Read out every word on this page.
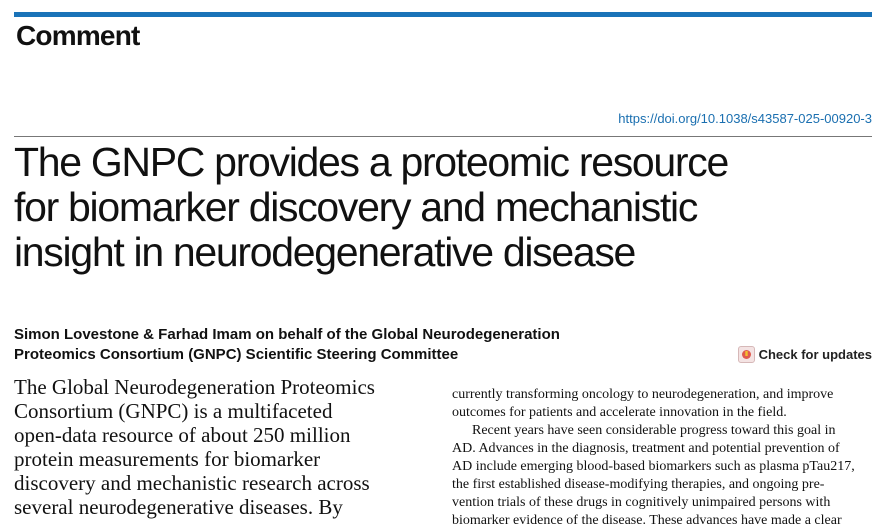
Comment
https://doi.org/10.1038/s43587-025-00920-3
The GNPC provides a proteomic resource
for biomarker discovery and mechanistic
insight in neurodegenerative disease
Simon Lovestone & Farhad Imam on behalf of the Global Neurodegeneration
Proteomics Consortium (GNPC) Scientific Steering Committee	Check for updates
The Global Neurodegeneration Proteomics
Consortium (GNPC) is a multifaceted
open-data resource of about 250 million
protein measurements for biomarker
discovery and mechanistic research across
several neurodegenerative diseases. By
currently transforming oncology to neurodegeneration, and improve
outcomes for patients and accelerate innovation in the field.
Recent years have seen considerable progress toward this goal in
AD. Advances in the diagnosis, treatment and potential prevention of
AD include emerging blood-based biomarkers such as plasma pTau217,
the first established disease-modifying therapies, and ongoing pre-
vention trials of these drugs in cognitively unimpaired persons with
biomarker evidence of the disease. These advances have made a clear
